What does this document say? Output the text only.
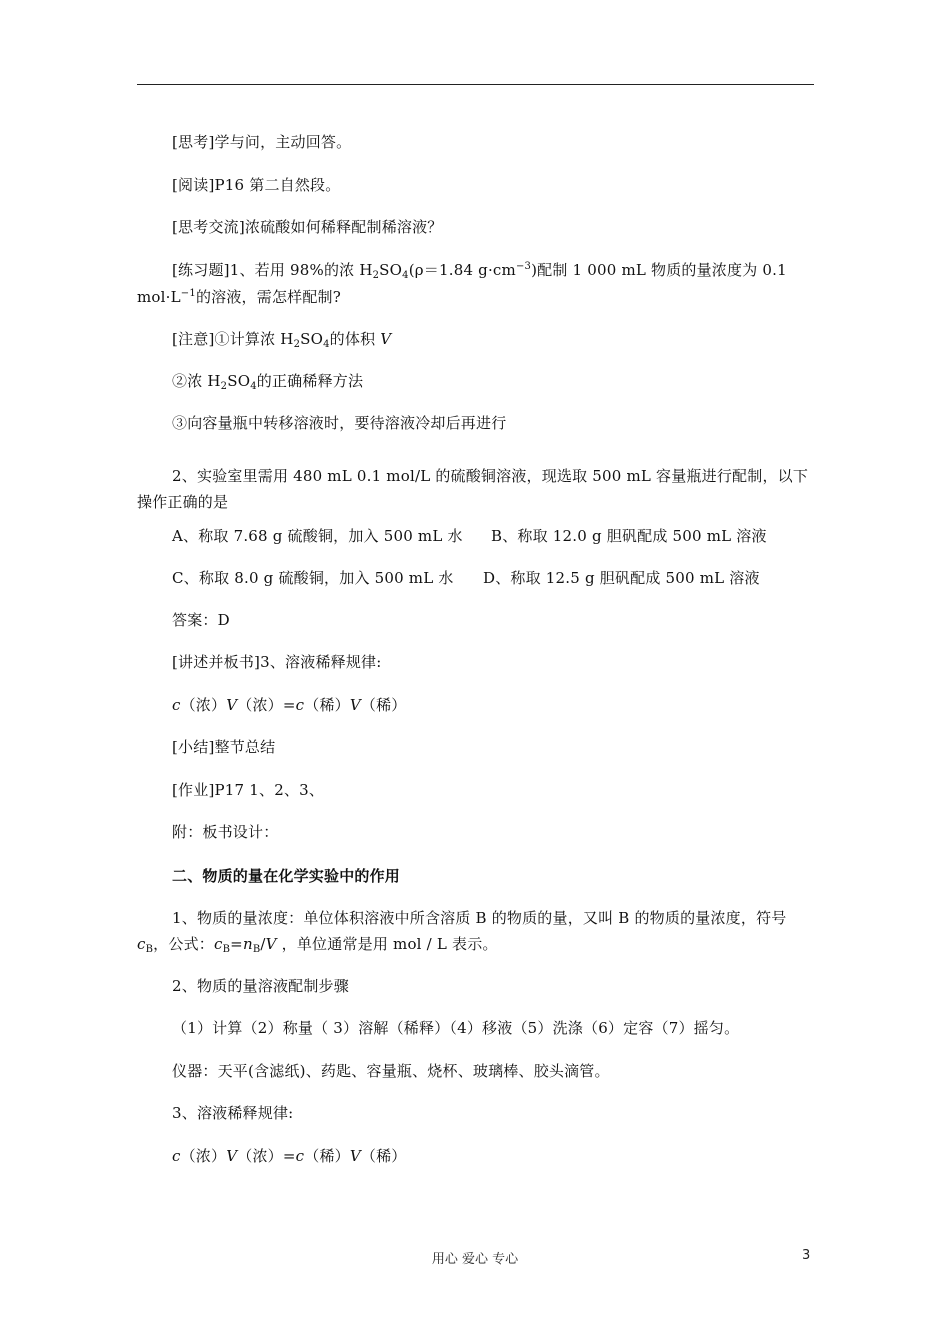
[思考]学与问，主动回答。
[阅读]P16 第二自然段。
[思考交流]浓硫酸如何稀释配制稀溶液？
[练习题]1、若用 98%的浓 $H_2SO_4(\rho=1.84$ $g\cdot cm^{-3}$)配制 1 000 mL 物质的量浓度为 0.1
$mol\cdot L^{-1}$的溶液，需怎样配制?
[注意]①计算浓 $H_2SO_4$的体积 V
②浓 $H_2SO_4$的正确稀释方法
③向容量瓶中转移溶液时，要待溶液冷却后再进行
2、实验室里需用 480 mL 0.1 mol/L 的硫酸铜溶液，现选取 500 mL 容量瓶进行配制，以下
操作正确的是
A、称取 7.68 g 硫酸铜，加入 500 mL 水 B、称取 12.0 g 胆矾配成 500 mL 溶液
C、称取 8.0 g 硫酸铜，加入 500 mL 水 D、称取 12.5 g 胆矾配成 500 mL 溶液
答案：D
[讲述并板书]3、溶液稀释规律:
c（浓）V（浓）=c（稀）V（稀）
[小结]整节总结
[作业]P17 1、2、3、
附：板书设计：
二、物质的量在化学实验中的作用
1、物质的量浓度：单位体积溶液中所含溶质 B 的物质的量，又叫 B 的物质的量浓度，符号
$c_B$，公式：$c_B=n_B/V$ ，单位通常是用 mol / L 表示。
2、物质的量溶液配制步骤
（1）计算（2）称量（ 3）溶解（稀释）（4）移液（5）洗涤（6）定容（7）摇匀。
仪器：天平(含滤纸)、药匙、容量瓶、烧杯、玻璃棒、胶头滴管。
3、溶液稀释规律:
c（浓）V（浓）=c（稀）V（稀）
用心 爱心 专心	3
